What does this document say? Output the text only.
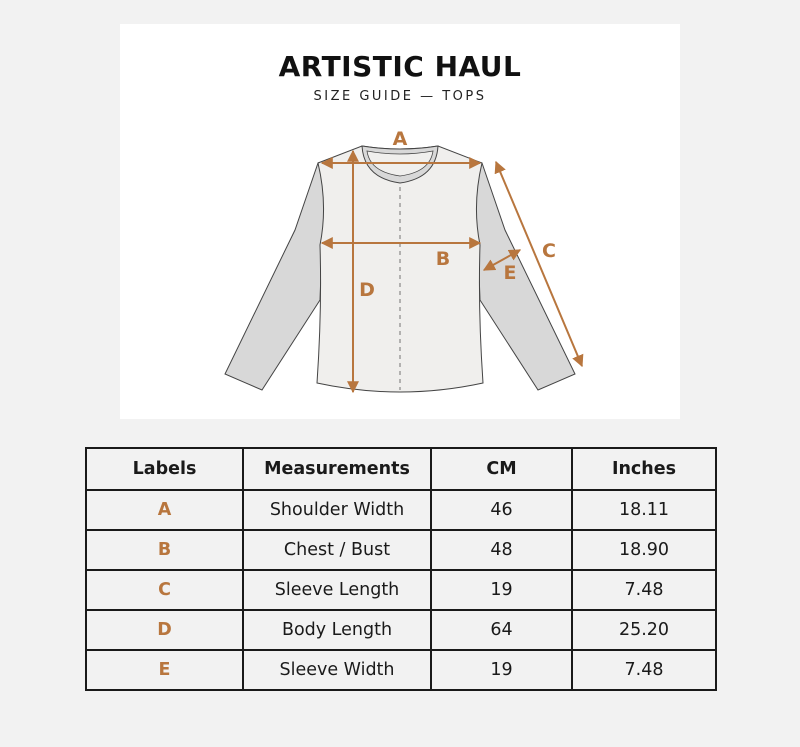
ARTISTIC HAUL
SIZE GUIDE — TOPS
A
B	C
D
E
Labels	Measurements	CM	Inches
A	Shoulder Width	46	18.11
B	Chest / Bust	48	18.90
C	Sleeve Length	19	7.48
D	Body Length	64	25.20
E	Sleeve Width	19	7.48
